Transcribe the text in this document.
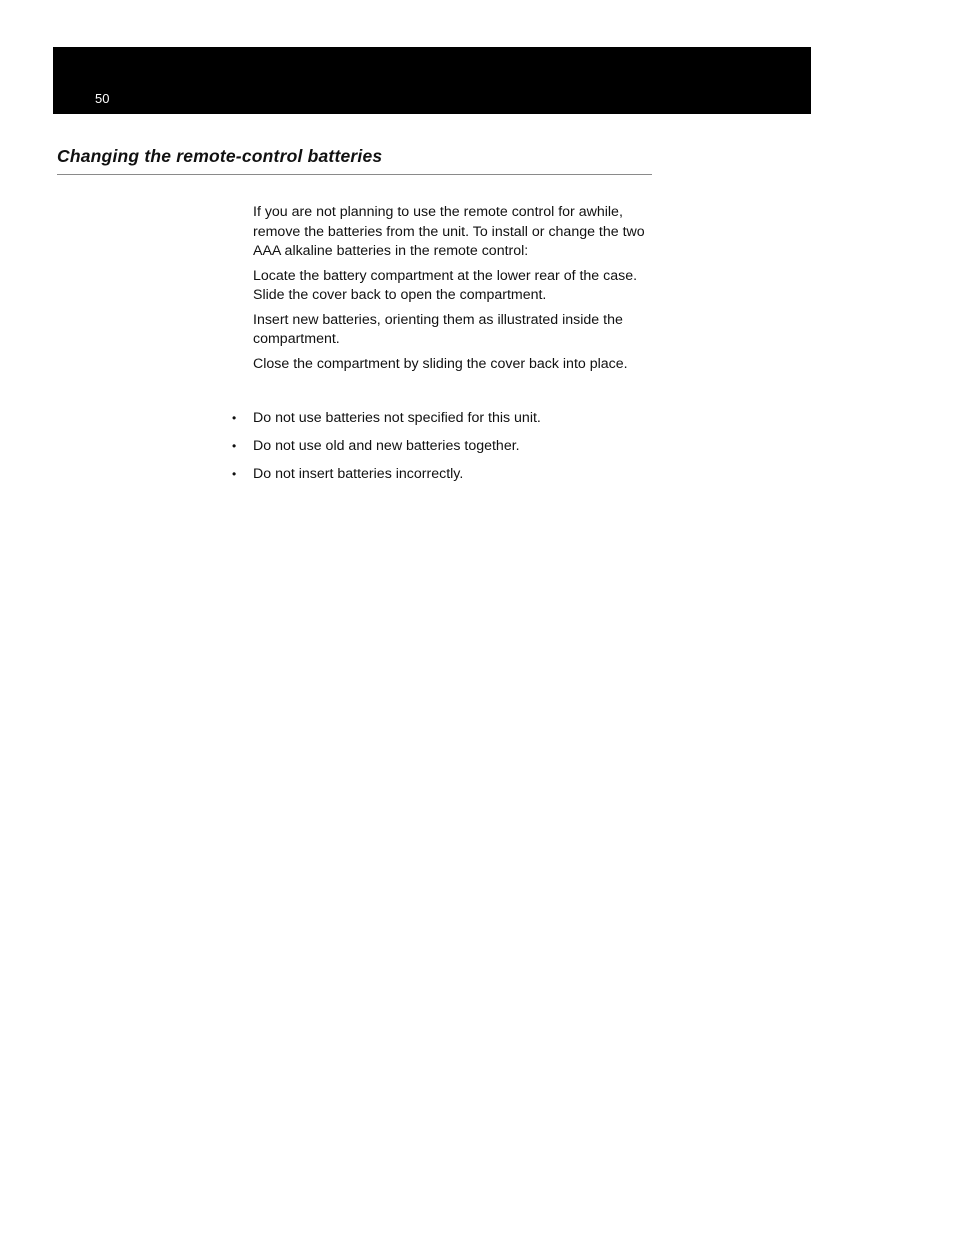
50
Changing the remote-control batteries

If you are not planning to use the remote control for awhile, remove the batteries from the unit. To install or change the two AAA alkaline batteries in the remote control:

Locate the battery compartment at the lower rear of the case. Slide the cover back to open the compartment.

Insert new batteries, orienting them as illustrated inside the compartment.

Close the compartment by sliding the cover back into place.

• Do not use batteries not specified for this unit.
• Do not use old and new batteries together.
• Do not insert batteries incorrectly.
